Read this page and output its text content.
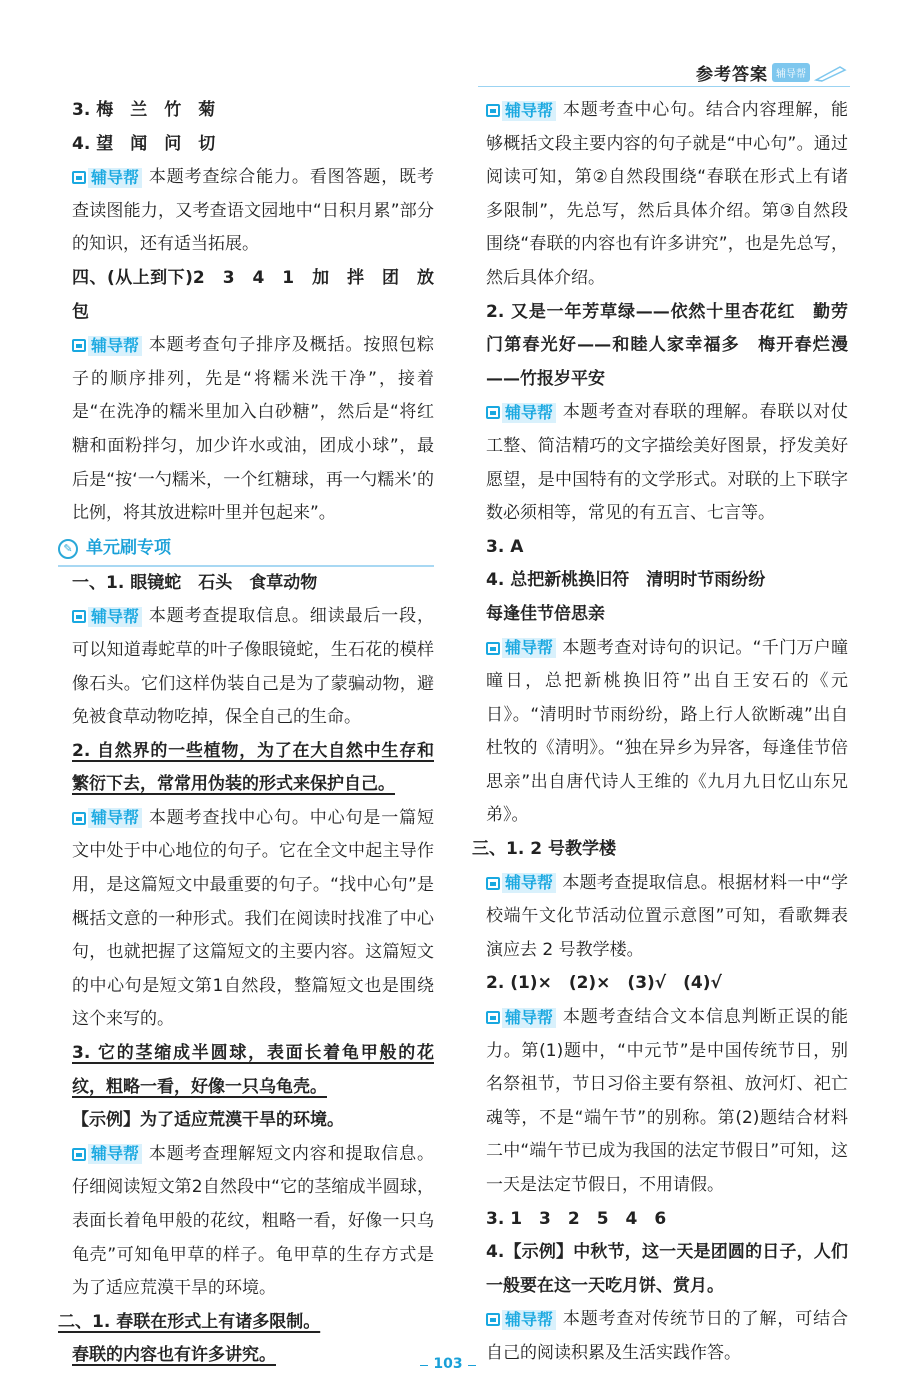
参考答案 辅导帮

3. 梅　兰　竹　菊

4. 望　闻　问　切

辅导帮 本题考查综合能力。看图答题，既考查读图能力，又考查语文园地中“日积月累”部分的知识，还有适当拓展。

四、(从上到下)2　3　4　1　加　拌　团　放　包

辅导帮 本题考查句子排序及概括。按照包粽子的顺序排列，先是“将糯米洗干净”，接着是“在洗净的糯米里加入白砂糖”，然后是“将红糖和面粉拌匀，加少许水或油，团成小球”，最后是“按‘一勺糯米，一个红糖球，再一勺糯米’的比例，将其放进粽叶里并包起来”。

✎ 单元刷专项

一、1. 眼镜蛇　石头　食草动物

辅导帮 本题考查提取信息。细读最后一段，可以知道毒蛇草的叶子像眼镜蛇，生石花的模样像石头。它们这样伪装自己是为了蒙骗动物，避免被食草动物吃掉，保全自己的生命。

2. 自然界的一些植物，为了在大自然中生存和繁衍下去，常常用伪装的形式来保护自己。

辅导帮 本题考查找中心句。中心句是一篇短文中处于中心地位的句子。它在全文中起主导作用，是这篇短文中最重要的句子。“找中心句”是概括文意的一种形式。我们在阅读时找准了中心句，也就把握了这篇短文的主要内容。这篇短文的中心句是短文第1自然段，整篇短文也是围绕这个来写的。

3. 它的茎缩成半圆球，表面长着龟甲般的花纹，粗略一看，好像一只乌龟壳。

【示例】为了适应荒漠干旱的环境。

辅导帮 本题考查理解短文内容和提取信息。仔细阅读短文第2自然段中“它的茎缩成半圆球，表面长着龟甲般的花纹，粗略一看，好像一只乌龟壳”可知龟甲草的样子。龟甲草的生存方式是为了适应荒漠干旱的环境。

二、1. 春联在形式上有诸多限制。

春联的内容也有许多讲究。

辅导帮 本题考查中心句。结合内容理解，能够概括文段主要内容的句子就是“中心句”。通过阅读可知，第②自然段围绕“春联在形式上有诸多限制”，先总写，然后具体介绍。第③自然段围绕“春联的内容也有许多讲究”，也是先总写，然后具体介绍。

2. 又是一年芳草绿——依然十里杏花红　勤劳门第春光好——和睦人家幸福多　梅开春烂漫——竹报岁平安

辅导帮 本题考查对春联的理解。春联以对仗工整、简洁精巧的文字描绘美好图景，抒发美好愿望，是中国特有的文学形式。对联的上下联字数必须相等，常见的有五言、七言等。

3. A

4. 总把新桃换旧符　清明时节雨纷纷

每逢佳节倍思亲

辅导帮 本题考查对诗句的识记。“千门万户曈曈日，总把新桃换旧符”出自王安石的《元日》。“清明时节雨纷纷，路上行人欲断魂”出自杜牧的《清明》。“独在异乡为异客，每逢佳节倍思亲”出自唐代诗人王维的《九月九日忆山东兄弟》。

三、1. 2 号教学楼

辅导帮 本题考查提取信息。根据材料一中“学校端午文化节活动位置示意图”可知，看歌舞表演应去 2 号教学楼。

2. (1)×　(2)×　(3)√　(4)√

辅导帮 本题考查结合文本信息判断正误的能力。第(1)题中，“中元节”是中国传统节日，别名祭祖节，节日习俗主要有祭祖、放河灯、祀亡魂等，不是“端午节”的别称。第(2)题结合材料二中“端午节已成为我国的法定节假日”可知，这一天是法定节假日，不用请假。

3. 1　3　2　5　4　6

4.【示例】中秋节，这一天是团圆的日子，人们一般要在这一天吃月饼、赏月。

辅导帮 本题考查对传统节日的了解，可结合自己的阅读积累及生活实践作答。

103
